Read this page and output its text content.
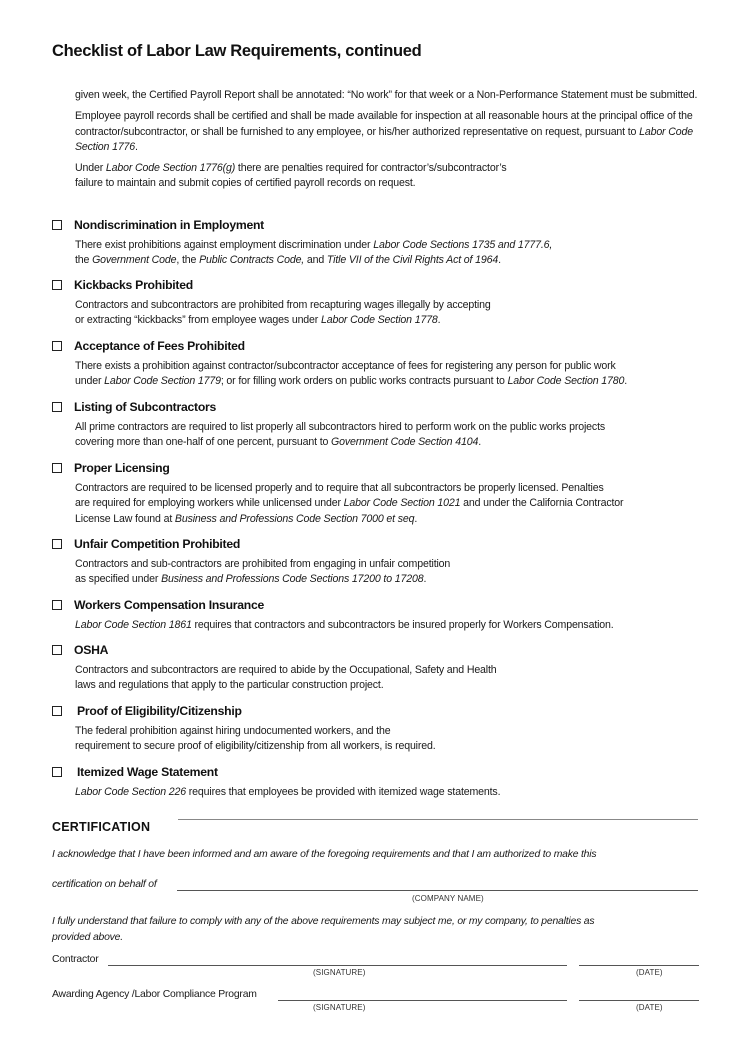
Checklist of Labor Law Requirements, continued

given week, the Certified Payroll Report shall be annotated: “No work” for that week or a Non-Performance Statement must be submitted.

Employee payroll records shall be certified and shall be made available for inspection at all reasonable hours at the principal office of the contractor/subcontractor, or shall be furnished to any employee, or his/her authorized representative on request, pursuant to Labor Code Section 1776.

Under Labor Code Section 1776(g) there are penalties required for contractor’s/subcontractor’s
failure to maintain and submit copies of certified payroll records on request.

Nondiscrimination in Employment
There exist prohibitions against employment discrimination under Labor Code Sections 1735 and 1777.6,
the Government Code, the Public Contracts Code, and Title VII of the Civil Rights Act of 1964.
Kickbacks Prohibited
Contractors and subcontractors are prohibited from recapturing wages illegally by accepting
or extracting “kickbacks” from employee wages under Labor Code Section 1778.
Acceptance of Fees Prohibited
There exists a prohibition against contractor/subcontractor acceptance of fees for registering any person for public work
under Labor Code Section 1779; or for filling work orders on public works contracts pursuant to Labor Code Section 1780.
Listing of Subcontractors
All prime contractors are required to list properly all subcontractors hired to perform work on the public works projects
covering more than one-half of one percent, pursuant to Government Code Section 4104.
Proper Licensing
Contractors are required to be licensed properly and to require that all subcontractors be properly licensed. Penalties
are required for employing workers while unlicensed under Labor Code Section 1021 and under the California Contractor
License Law found at Business and Professions Code Section 7000 et seq.
Unfair Competition Prohibited
Contractors and sub-contractors are prohibited from engaging in unfair competition
as specified under Business and Professions Code Sections 17200 to 17208.
Workers Compensation Insurance
Labor Code Section 1861 requires that contractors and subcontractors be insured properly for Workers Compensation.
OSHA
Contractors and subcontractors are required to abide by the Occupational, Safety and Health
laws and regulations that apply to the particular construction project.
Proof of Eligibility/Citizenship
The federal prohibition against hiring undocumented workers, and the
requirement to secure proof of eligibility/citizenship from all workers, is required.
Itemized Wage Statement
Labor Code Section 226 requires that employees be provided with itemized wage statements.
CERTIFICATION
I acknowledge that I have been informed and am aware of the foregoing requirements and that I am authorized to make this
certification on behalf of
(COMPANY NAME)
I fully understand that failure to comply with any of the above requirements may subject me, or my company, to penalties as
provided above.
Contractor
(SIGNATURE)	(DATE)
Awarding Agency /Labor Compliance Program
(SIGNATURE)	(DATE)
